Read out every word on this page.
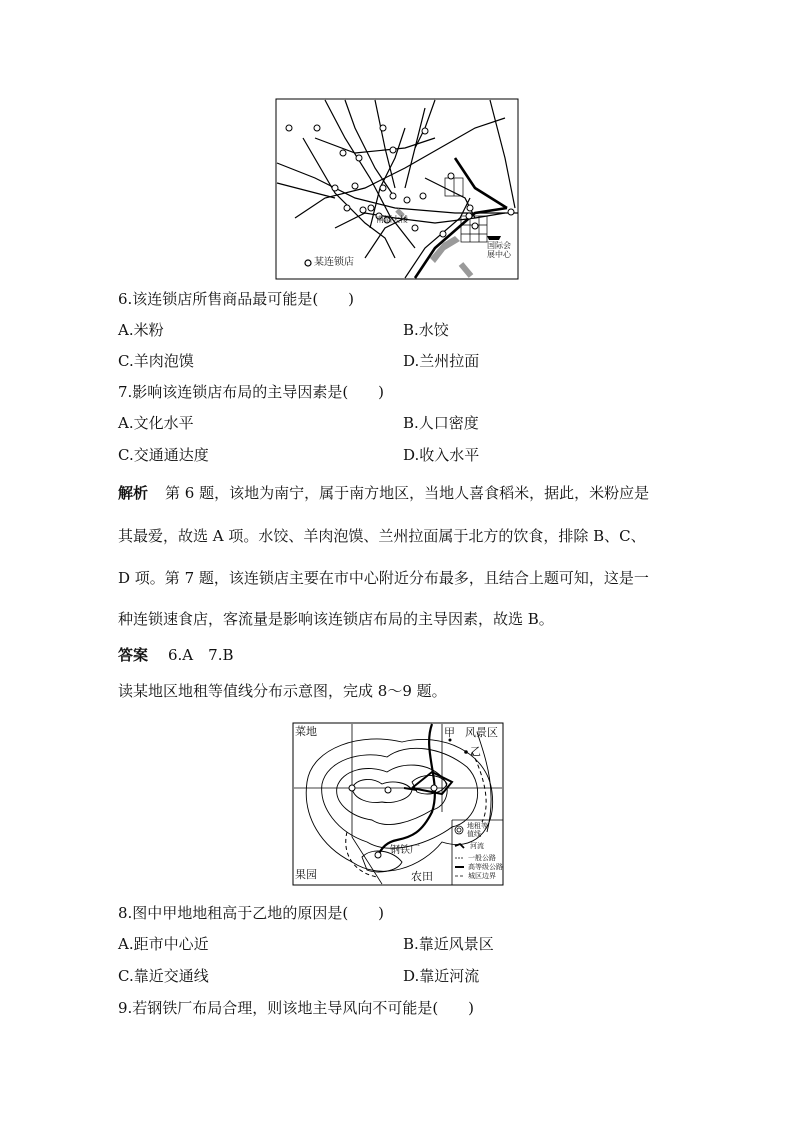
南酒大楼
国际会
展中心
某连锁店
6.该连锁店所售商品最可能是(　　)
A.米粉	B.水饺
C.羊肉泡馍	D.兰州拉面
7.影响该连锁店布局的主导因素是(　　)
A.文化水平	B.人口密度
C.交通通达度	D.收入水平
解析 第 6 题，该地为南宁，属于南方地区，当地人喜食稻米，据此，米粉应是
其最爱，故选 A 项。水饺、羊肉泡馍、兰州拉面属于北方的饮食，排除 B、C、
D 项。第 7 题，该连锁店主要在市中心附近分布最多，且结合上题可知，这是一
种连锁速食店，客流量是影响该连锁店布局的主导因素，故选 B。
答案 6.A　7.B
读某地区地租等值线分布示意图，完成 8～9 题。
菜地	甲 风景区
乙
钢铁厂
果园	农田
地租等
值线
河流
一般公路
高等级公路
城区边界
8.图中甲地地租高于乙地的原因是(　　)
A.距市中心近	B.靠近风景区
C.靠近交通线	D.靠近河流
9.若钢铁厂布局合理，则该地主导风向不可能是(　　)
